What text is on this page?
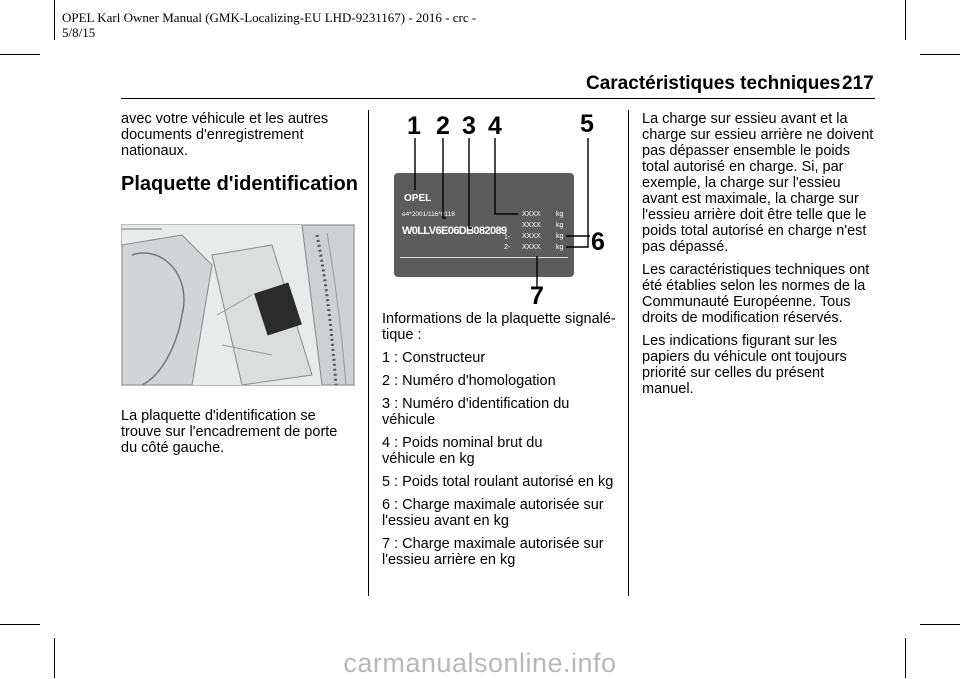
OPEL Karl Owner Manual (GMK-Localizing-EU LHD-9231167) - 2016 - crc -
5/8/15
Caractéristiques techniques 217
avec votre véhicule et les autres
documents d'enregistrement
nationaux.
Plaquette d'identification
La plaquette d'identification se
trouve sur l'encadrement de porte
du côté gauche.
OPEL
e4*2001/116*0118
W0LLV6E06DB082089
XXXX
XXXX
XXXX
XXXX
kg
kg
kg
kg
1-
2-
1 2 3 4	5
6
7
Informations de la plaquette signalé-
tique :
1 : Constructeur
2 : Numéro d'homologation
3 : Numéro d'identification du
véhicule
4 : Poids nominal brut du
véhicule en kg
5 : Poids total roulant autorisé en kg
6 : Charge maximale autorisée sur
l'essieu avant en kg
7 : Charge maximale autorisée sur
l'essieu arrière en kg
La charge sur essieu avant et la
charge sur essieu arrière ne doivent
pas dépasser ensemble le poids
total autorisé en charge. Si, par
exemple, la charge sur l'essieu
avant est maximale, la charge sur
l'essieu arrière doit être telle que le
poids total autorisé en charge n'est
pas dépassé.
Les caractéristiques techniques ont
été établies selon les normes de la
Communauté Européenne. Tous
droits de modification réservés.
Les indications figurant sur les
papiers du véhicule ont toujours
priorité sur celles du présent
manuel.
carmanualsonline.info
